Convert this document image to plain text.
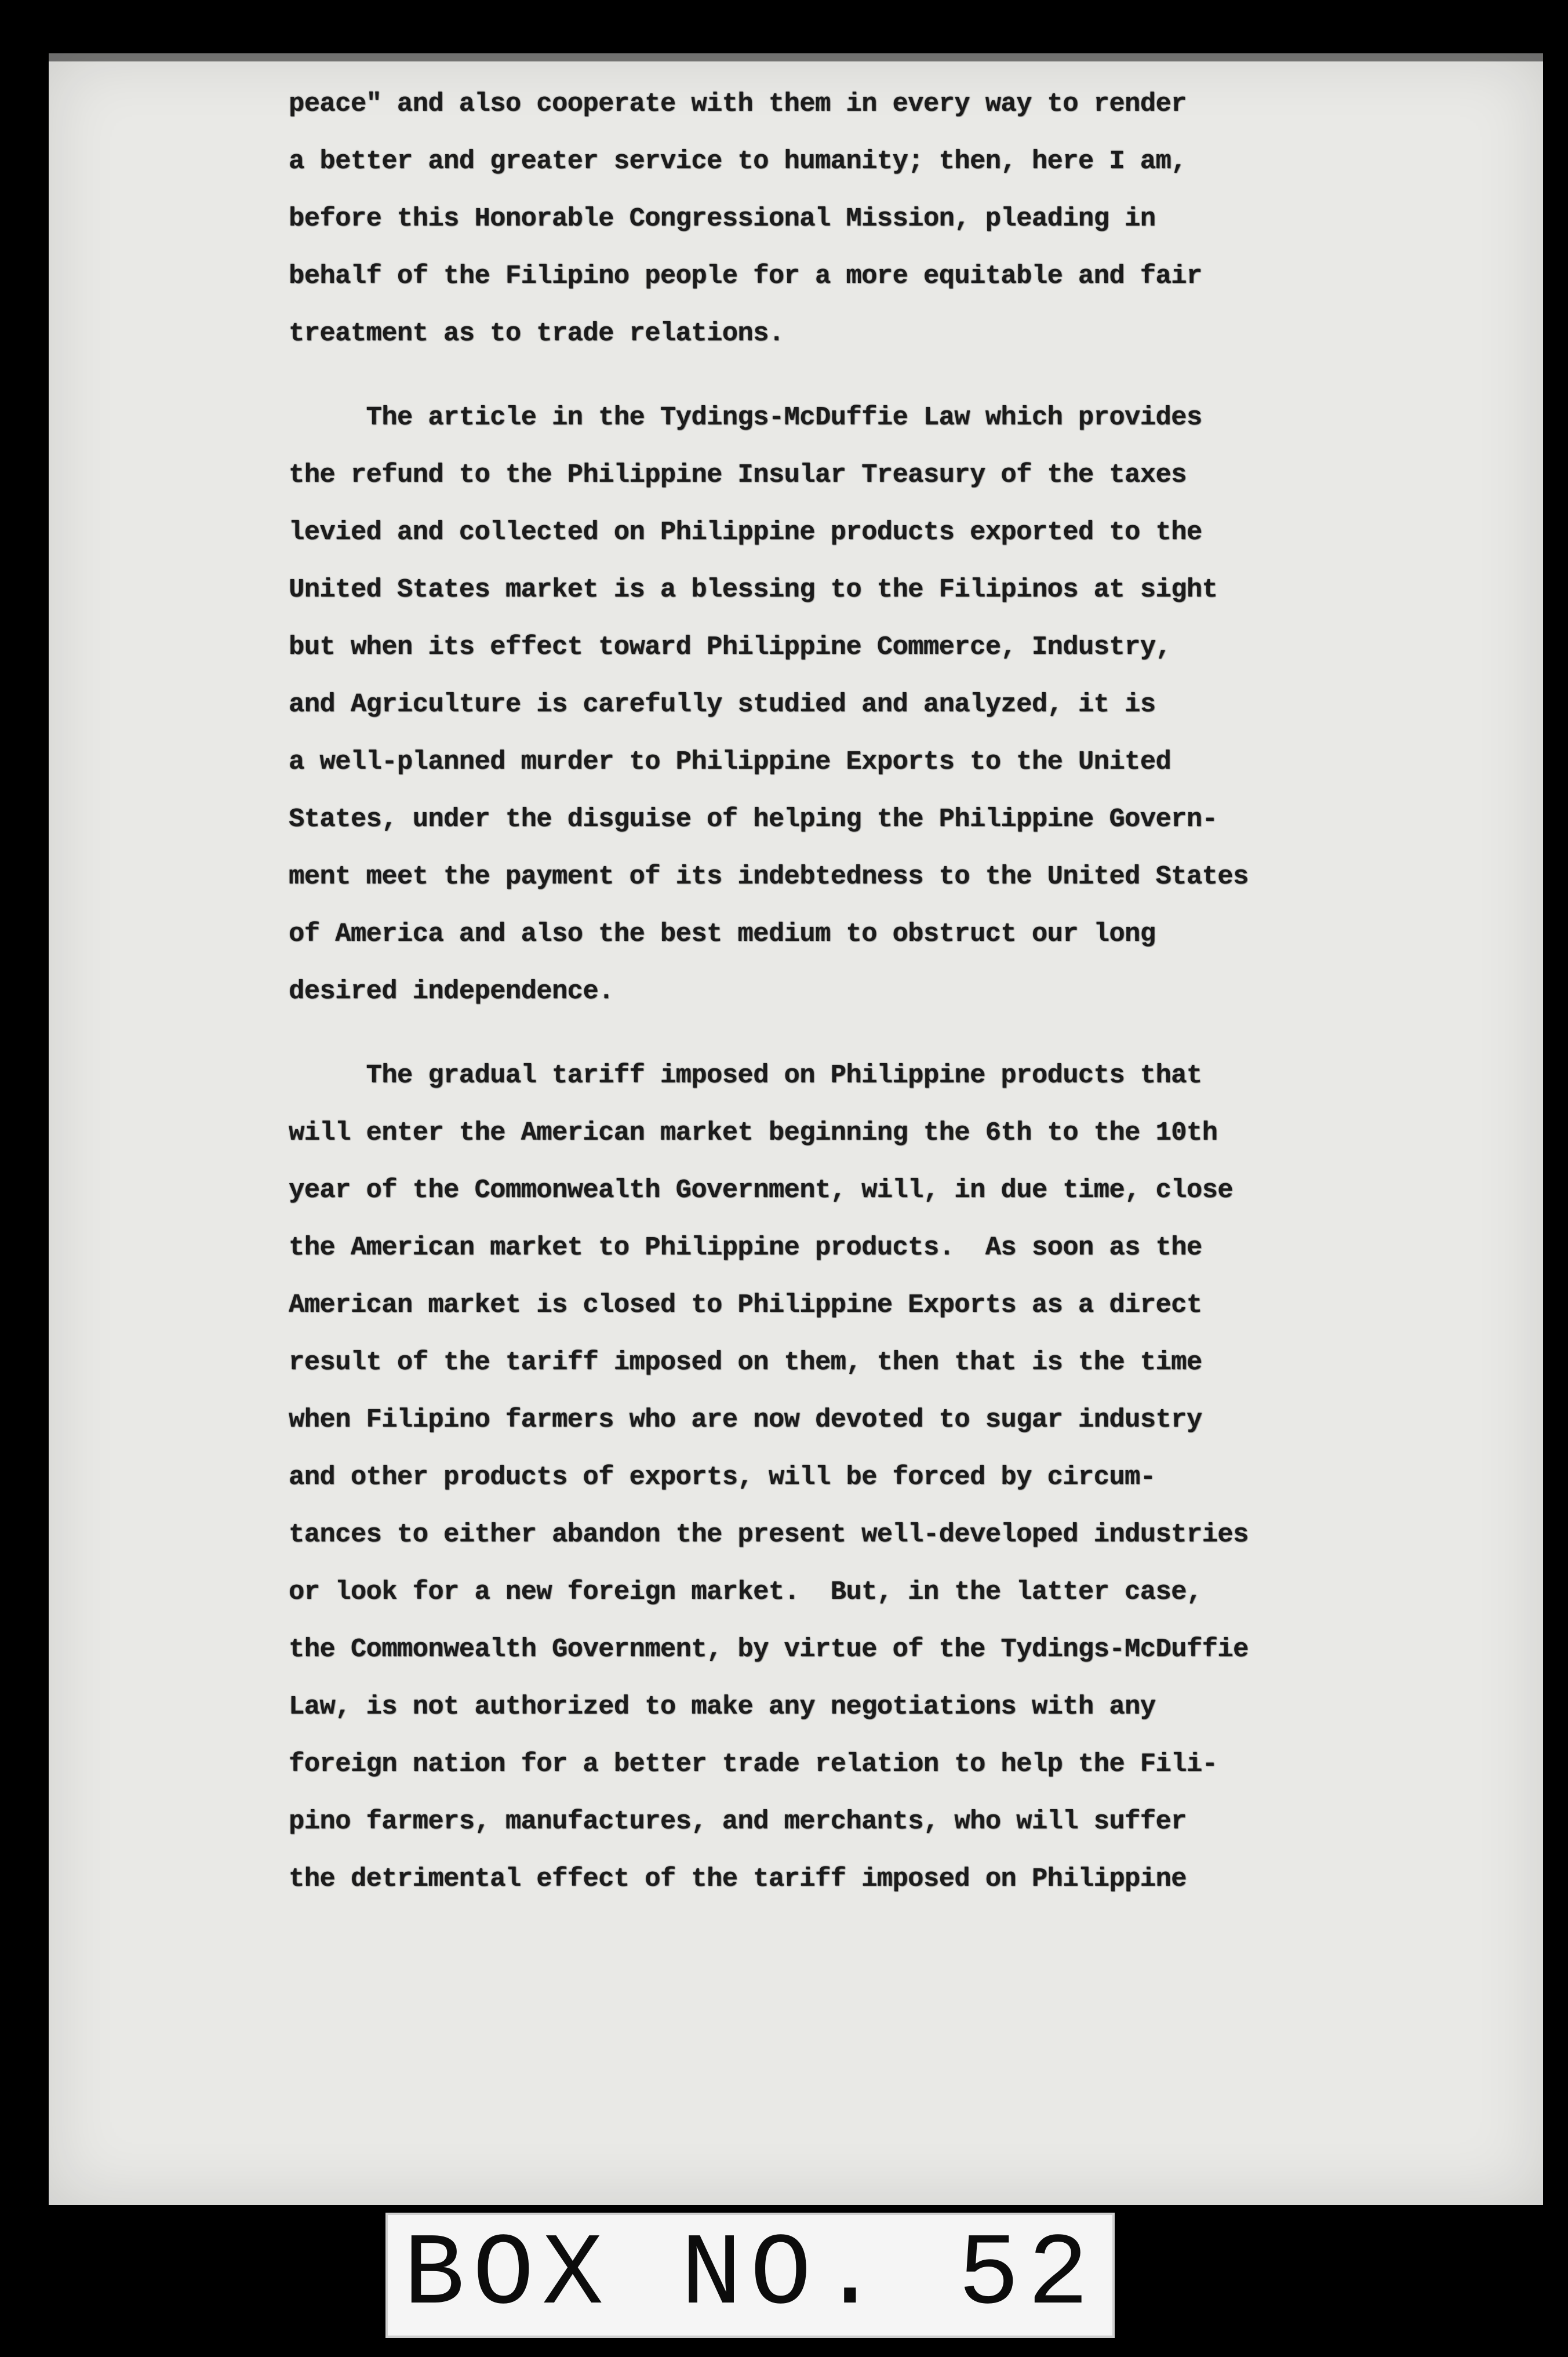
peace" and also cooperate with them in every way to render
a better and greater service to humanity; then, here I am,
before this Honorable Congressional Mission, pleading in
behalf of the Filipino people for a more equitable and fair
treatment as to trade relations.

The article in the Tydings-McDuffie Law which provides
the refund to the Philippine Insular Treasury of the taxes
levied and collected on Philippine products exported to the
United States market is a blessing to the Filipinos at sight
but when its effect toward Philippine Commerce, Industry,
and Agriculture is carefully studied and analyzed, it is
a well-planned murder to Philippine Exports to the United
States, under the disguise of helping the Philippine Govern-
ment meet the payment of its indebtedness to the United States
of America and also the best medium to obstruct our long
desired independence.

The gradual tariff imposed on Philippine products that
will enter the American market beginning the 6th to the 10th
year of the Commonwealth Government, will, in due time, close
the American market to Philippine products.  As soon as the
American market is closed to Philippine Exports as a direct
result of the tariff imposed on them, then that is the time
when Filipino farmers who are now devoted to sugar industry
and other products of exports, will be forced by circum-
tances to either abandon the present well-developed industries
or look for a new foreign market.  But, in the latter case,
the Commonwealth Government, by virtue of the Tydings-McDuffie
Law, is not authorized to make any negotiations with any
foreign nation for a better trade relation to help the Fili-
pino farmers, manufactures, and merchants, who will suffer
the detrimental effect of the tariff imposed on Philippine

BOX NO. 52
